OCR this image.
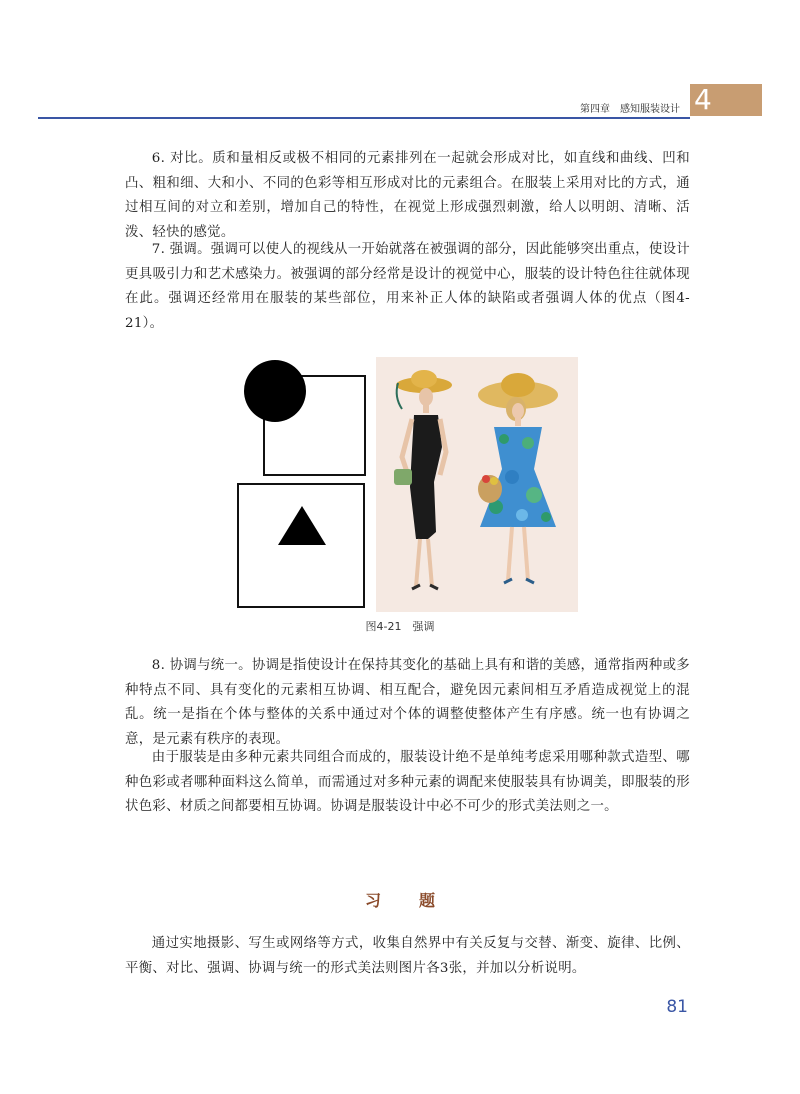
第四章　感知服装设计 4

6. 对比。质和量相反或极不相同的元素排列在一起就会形成对比，如直线和曲线、凹和凸、粗和细、大和小、不同的色彩等相互形成对比的元素组合。在服装上采用对比的方式，通过相互间的对立和差别，增加自己的特性，在视觉上形成强烈刺激，给人以明朗、清晰、活泼、轻快的感觉。

7. 强调。强调可以使人的视线从一开始就落在被强调的部分，因此能够突出重点，使设计更具吸引力和艺术感染力。被强调的部分经常是设计的视觉中心，服装的设计特色往往就体现在此。强调还经常用在服装的某些部位，用来补正人体的缺陷或者强调人体的优点（图4-21）。

图4-21　强调

8. 协调与统一。协调是指使设计在保持其变化的基础上具有和谐的美感，通常指两种或多种特点不同、具有变化的元素相互协调、相互配合，避免因元素间相互矛盾造成视觉上的混乱。统一是指在个体与整体的关系中通过对个体的调整使整体产生有序感。统一也有协调之意，是元素有秩序的表现。

由于服装是由多种元素共同组合而成的，服装设计绝不是单纯考虑采用哪种款式造型、哪种色彩或者哪种面料这么简单，而需通过对多种元素的调配来使服装具有协调美，即服装的形状色彩、材质之间都要相互协调。协调是服装设计中必不可少的形式美法则之一。

习题

通过实地摄影、写生或网络等方式，收集自然界中有关反复与交替、渐变、旋律、比例、平衡、对比、强调、协调与统一的形式美法则图片各3张，并加以分析说明。

81
